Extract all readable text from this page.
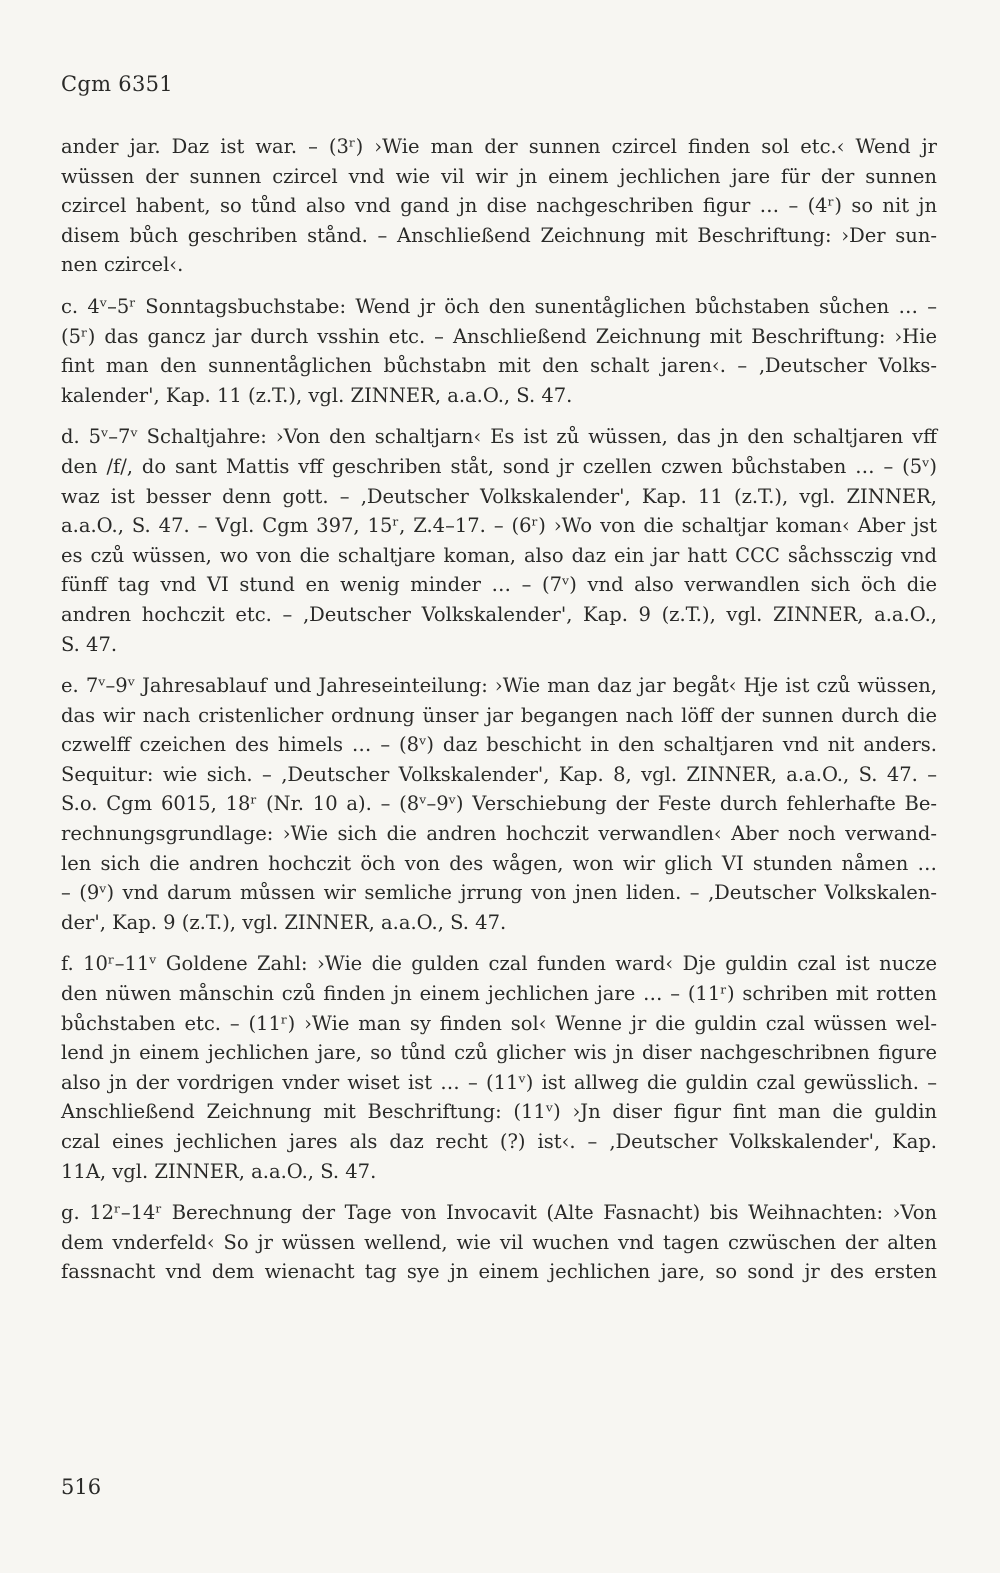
Cgm 6351
ander jar. Daz ist war. – (3ʳ) ›Wie man der sunnen czircel finden sol etc.‹ Wend jr
wüssen der sunnen czircel vnd wie vil wir jn einem jechlichen jare für der sunnen
czircel habent, so tůnd also vnd gand jn dise nachgeschriben figur … – (4ʳ) so nit jn
disem bůch geschriben stånd. – Anschließend Zeichnung mit Beschriftung: ›Der sun-
nen czircel‹.
c. 4ᵛ–5ʳ Sonntagsbuchstabe: Wend jr öch den sunentåglichen bůchstaben sůchen … –
(5ʳ) das gancz jar durch vsshin etc. – Anschließend Zeichnung mit Beschriftung: ›Hie
fint man den sunnentåglichen bůchstabn mit den schalt jaren‹. – ‚Deutscher Volks-
kalender', Kap. 11 (z.T.), vgl. ZINNER, a.a.O., S. 47.
d. 5ᵛ–7ᵛ Schaltjahre: ›Von den schaltjarn‹ Es ist zů wüssen, das jn den schaltjaren vff
den /f/, do sant Mattis vff geschriben ståt, sond jr czellen czwen bůchstaben … – (5ᵛ)
waz ist besser denn gott. – ‚Deutscher Volkskalender', Kap. 11 (z.T.), vgl. ZINNER,
a.a.O., S. 47. – Vgl. Cgm 397, 15ʳ, Z.4–17. – (6ʳ) ›Wo von die schaltjar koman‹ Aber jst
es czů wüssen, wo von die schaltjare koman, also daz ein jar hatt CCC såchssczig vnd
fünff tag vnd VI stund en wenig minder … – (7ᵛ) vnd also verwandlen sich öch die
andren hochczit etc. – ‚Deutscher Volkskalender', Kap. 9 (z.T.), vgl. ZINNER, a.a.O.,
S. 47.
e. 7ᵛ–9ᵛ Jahresablauf und Jahreseinteilung: ›Wie man daz jar begåt‹ Hje ist czů wüssen,
das wir nach cristenlicher ordnung ünser jar begangen nach löff der sunnen durch die
czwelff czeichen des himels … – (8ᵛ) daz beschicht in den schaltjaren vnd nit anders.
Sequitur: wie sich. – ‚Deutscher Volkskalender', Kap. 8, vgl. ZINNER, a.a.O., S. 47. –
S.o. Cgm 6015, 18ʳ (Nr. 10 a). – (8ᵛ–9ᵛ) Verschiebung der Feste durch fehlerhafte Be-
rechnungsgrundlage: ›Wie sich die andren hochczit verwandlen‹ Aber noch verwand-
len sich die andren hochczit öch von des wågen, won wir glich VI stunden nåmen …
– (9ᵛ) vnd darum můssen wir semliche jrrung von jnen liden. – ‚Deutscher Volkskalen-
der', Kap. 9 (z.T.), vgl. ZINNER, a.a.O., S. 47.
f. 10ʳ–11ᵛ Goldene Zahl: ›Wie die gulden czal funden ward‹ Dje guldin czal ist nucze
den nüwen månschin czů finden jn einem jechlichen jare … – (11ʳ) schriben mit rotten
bůchstaben etc. – (11ʳ) ›Wie man sy finden sol‹ Wenne jr die guldin czal wüssen wel-
lend jn einem jechlichen jare, so tůnd czů glicher wis jn diser nachgeschribnen figure
also jn der vordrigen vnder wiset ist … – (11ᵛ) ist allweg die guldin czal gewüsslich. –
Anschließend Zeichnung mit Beschriftung: (11ᵛ) ›Jn diser figur fint man die guldin
czal eines jechlichen jares als daz recht (?) ist‹. – ‚Deutscher Volkskalender', Kap.
11A, vgl. ZINNER, a.a.O., S. 47.
g. 12ʳ–14ʳ Berechnung der Tage von Invocavit (Alte Fasnacht) bis Weihnachten: ›Von
dem vnderfeld‹ So jr wüssen wellend, wie vil wuchen vnd tagen czwüschen der alten
fassnacht vnd dem wienacht tag sye jn einem jechlichen jare, so sond jr des ersten
516
